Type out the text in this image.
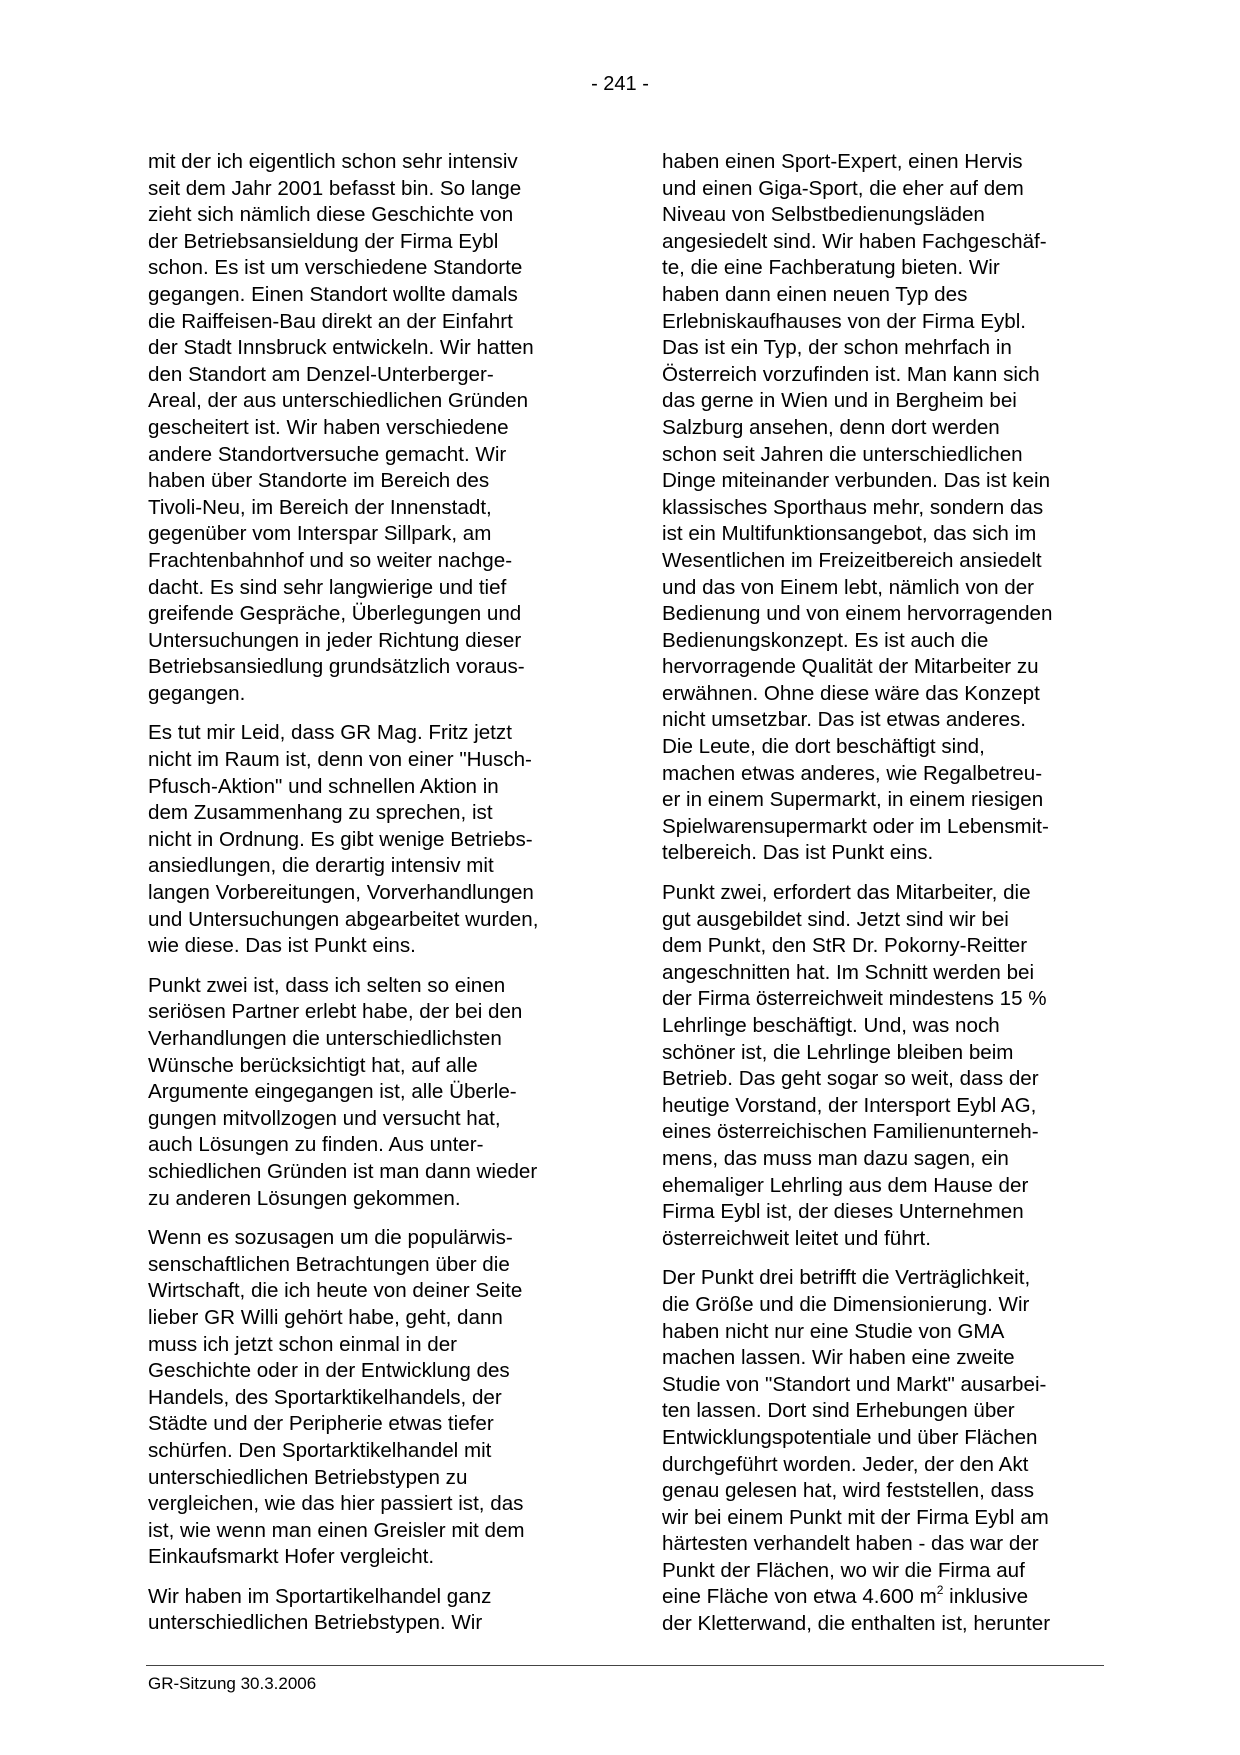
- 241 -

mit der ich eigentlich schon sehr intensiv
seit dem Jahr 2001 befasst bin. So lange
zieht sich nämlich diese Geschichte von
der Betriebsansieldung der Firma Eybl
schon. Es ist um verschiedene Standorte
gegangen. Einen Standort wollte damals
die Raiffeisen-Bau direkt an der Einfahrt
der Stadt Innsbruck entwickeln. Wir hatten
den Standort am Denzel-Unterberger-
Areal, der aus unterschiedlichen Gründen
gescheitert ist. Wir haben verschiedene
andere Standortversuche gemacht. Wir
haben über Standorte im Bereich des
Tivoli-Neu, im Bereich der Innenstadt,
gegenüber vom Interspar Sillpark, am
Frachtenbahnhof und so weiter nachge-
dacht. Es sind sehr langwierige und tief
greifende Gespräche, Überlegungen und
Untersuchungen in jeder Richtung dieser
Betriebsansiedlung grundsätzlich voraus-
gegangen.

Es tut mir Leid, dass GR Mag. Fritz jetzt
nicht im Raum ist, denn von einer "Husch-
Pfusch-Aktion" und schnellen Aktion in
dem Zusammenhang zu sprechen, ist
nicht in Ordnung. Es gibt wenige Betriebs-
ansiedlungen, die derartig intensiv mit
langen Vorbereitungen, Vorverhandlungen
und Untersuchungen abgearbeitet wurden,
wie diese. Das ist Punkt eins.

Punkt zwei ist, dass ich selten so einen
seriösen Partner erlebt habe, der bei den
Verhandlungen die unterschiedlichsten
Wünsche berücksichtigt hat, auf alle
Argumente eingegangen ist, alle Überle-
gungen mitvollzogen und versucht hat,
auch Lösungen zu finden. Aus unter-
schiedlichen Gründen ist man dann wieder
zu anderen Lösungen gekommen.

Wenn es sozusagen um die populärwis-
senschaftlichen Betrachtungen über die
Wirtschaft, die ich heute von deiner Seite
lieber GR Willi gehört habe, geht, dann
muss ich jetzt schon einmal in der
Geschichte oder in der Entwicklung des
Handels, des Sportarktikelhandels, der
Städte und der Peripherie etwas tiefer
schürfen. Den Sportarktikelhandel mit
unterschiedlichen Betriebstypen zu
vergleichen, wie das hier passiert ist, das
ist, wie wenn man einen Greisler mit dem
Einkaufsmarkt Hofer vergleicht.

Wir haben im Sportartikelhandel ganz
unterschiedlichen Betriebstypen. Wir

haben einen Sport-Expert, einen Hervis
und einen Giga-Sport, die eher auf dem
Niveau von Selbstbedienungsläden
angesiedelt sind. Wir haben Fachgeschäf-
te, die eine Fachberatung bieten. Wir
haben dann einen neuen Typ des
Erlebniskaufhauses von der Firma Eybl.
Das ist ein Typ, der schon mehrfach in
Österreich vorzufinden ist. Man kann sich
das gerne in Wien und in Bergheim bei
Salzburg ansehen, denn dort werden
schon seit Jahren die unterschiedlichen
Dinge miteinander verbunden. Das ist kein
klassisches Sporthaus mehr, sondern das
ist ein Multifunktionsangebot, das sich im
Wesentlichen im Freizeitbereich ansiedelt
und das von Einem lebt, nämlich von der
Bedienung und von einem hervorragenden
Bedienungskonzept. Es ist auch die
hervorragende Qualität der Mitarbeiter zu
erwähnen. Ohne diese wäre das Konzept
nicht umsetzbar. Das ist etwas anderes.
Die Leute, die dort beschäftigt sind,
machen etwas anderes, wie Regalbetreu-
er in einem Supermarkt, in einem riesigen
Spielwarensupermarkt oder im Lebensmit-
telbereich. Das ist Punkt eins.

Punkt zwei, erfordert das Mitarbeiter, die
gut ausgebildet sind. Jetzt sind wir bei
dem Punkt, den StR Dr. Pokorny-Reitter
angeschnitten hat. Im Schnitt werden bei
der Firma österreichweit mindestens 15 %
Lehrlinge beschäftigt. Und, was noch
schöner ist, die Lehrlinge bleiben beim
Betrieb. Das geht sogar so weit, dass der
heutige Vorstand, der Intersport Eybl AG,
eines österreichischen Familienunterneh-
mens, das muss man dazu sagen, ein
ehemaliger Lehrling aus dem Hause der
Firma Eybl ist, der dieses Unternehmen
österreichweit leitet und führt.

Der Punkt drei betrifft die Verträglichkeit,
die Größe und die Dimensionierung. Wir
haben nicht nur eine Studie von GMA
machen lassen. Wir haben eine zweite
Studie von "Standort und Markt" ausarbei-
ten lassen. Dort sind Erhebungen über
Entwicklungspotentiale und über Flächen
durchgeführt worden. Jeder, der den Akt
genau gelesen hat, wird feststellen, dass
wir bei einem Punkt mit der Firma Eybl am
härtesten verhandelt haben - das war der
Punkt der Flächen, wo wir die Firma auf
eine Fläche von etwa 4.600 $m^2$ inklusive
der Kletterwand, die enthalten ist, herunter

GR-Sitzung 30.3.2006
